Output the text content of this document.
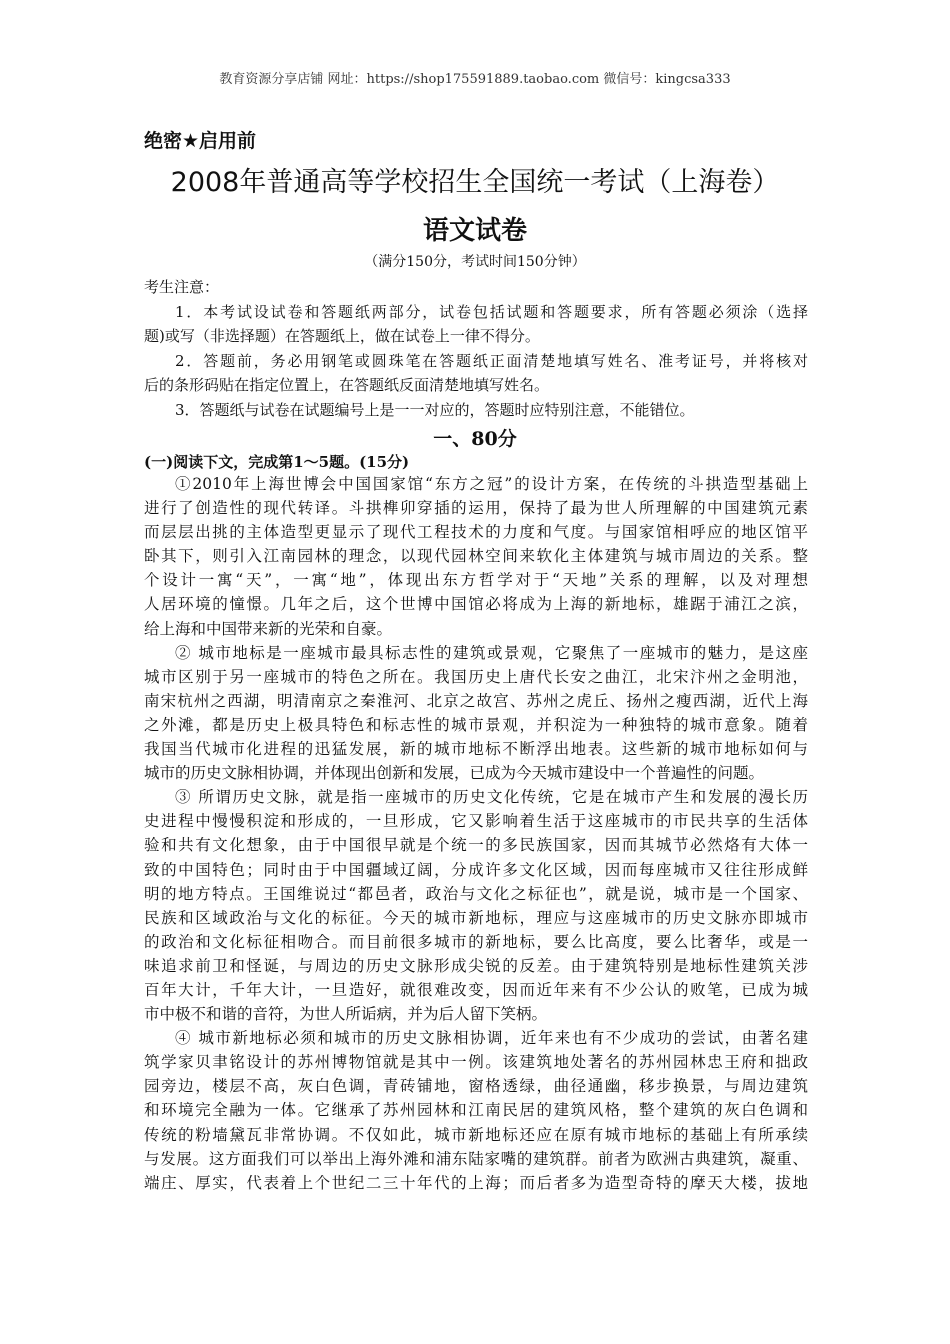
教育资源分享店铺 网址：https://shop175591889.taobao.com 微信号：kingcsa333
绝密★启用前
2008年普通高等学校招生全国统一考试（上海卷）
语文试卷
（满分150分，考试时间150分钟）
考生注意：
1．本考试设试卷和答题纸两部分，试卷包括试题和答题要求，所有答题必须涂（选择
题)或写（非选择题）在答题纸上，做在试卷上一律不得分。
2．答题前，务必用钢笔或圆珠笔在答题纸正面清楚地填写姓名、准考证号，并将核对
后的条形码贴在指定位置上，在答题纸反面清楚地填写姓名。
3．答题纸与试卷在试题编号上是一一对应的，答题时应特别注意，不能错位。
一、80分
(一)阅读下文，完成第1～5题。(15分)
①2010年上海世博会中国国家馆“东方之冠”的设计方案，在传统的斗拱造型基础上
进行了创造性的现代转译。斗拱榫卯穿插的运用，保持了最为世人所理解的中国建筑元素
而层层出挑的主体造型更显示了现代工程技术的力度和气度。与国家馆相呼应的地区馆平
卧其下，则引入江南园林的理念，以现代园林空间来软化主体建筑与城市周边的关系。整
个设计一寓“天”，一寓“地”，体现出东方哲学对于“天地”关系的理解，以及对理想
人居环境的憧憬。几年之后，这个世博中国馆必将成为上海的新地标，雄踞于浦江之滨，
给上海和中国带来新的光荣和自豪。
② 城市地标是一座城市最具标志性的建筑或景观，它聚焦了一座城市的魅力，是这座
城市区别于另一座城市的特色之所在。我国历史上唐代长安之曲江，北宋汴州之金明池，
南宋杭州之西湖，明清南京之秦淮河、北京之故宫、苏州之虎丘、扬州之瘦西湖，近代上海
之外滩，都是历史上极具特色和标志性的城市景观，并积淀为一种独特的城市意象。随着
我国当代城市化进程的迅猛发展，新的城市地标不断浮出地表。这些新的城市地标如何与
城市的历史文脉相协调，并体现出创新和发展，已成为今天城市建设中一个普遍性的问题。
③ 所谓历史文脉，就是指一座城市的历史文化传统，它是在城市产生和发展的漫长历
史进程中慢慢积淀和形成的，一旦形成，它又影响着生活于这座城市的市民共享的生活体
验和共有文化想象，由于中国很早就是个统一的多民族国家，因而其城节必然烙有大体一
致的中国特色；同时由于中国疆域辽阔，分成许多文化区域，因而每座城市又往往形成鲜
明的地方特点。王国维说过“都邑者，政治与文化之标征也”，就是说，城市是一个国家、
民族和区域政治与文化的标征。今天的城市新地标，理应与这座城市的历史文脉亦即城市
的政治和文化标征相吻合。而目前很多城市的新地标，要么比高度，要么比奢华，或是一
味追求前卫和怪诞，与周边的历史文脉形成尖锐的反差。由于建筑特别是地标性建筑关涉
百年大计，千年大计，一旦造好，就很难改变，因而近年来有不少公认的败笔，已成为城
市中极不和谐的音符，为世人所诟病，并为后人留下笑柄。
④ 城市新地标必须和城市的历史文脉相协调，近年来也有不少成功的尝试，由著名建
筑学家贝聿铭设计的苏州博物馆就是其中一例。该建筑地处著名的苏州园林忠王府和拙政
园旁边，楼层不高，灰白色调，青砖铺地，窗格透绿，曲径通幽，移步换景，与周边建筑
和环境完全融为一体。它继承了苏州园林和江南民居的建筑风格，整个建筑的灰白色调和
传统的粉墙黛瓦非常协调。不仅如此，城市新地标还应在原有城市地标的基础上有所承续
与发展。这方面我们可以举出上海外滩和浦东陆家嘴的建筑群。前者为欧洲古典建筑，凝重、
端庄、厚实，代表着上个世纪二三十年代的上海；而后者多为造型奇特的摩天大楼，拔地
